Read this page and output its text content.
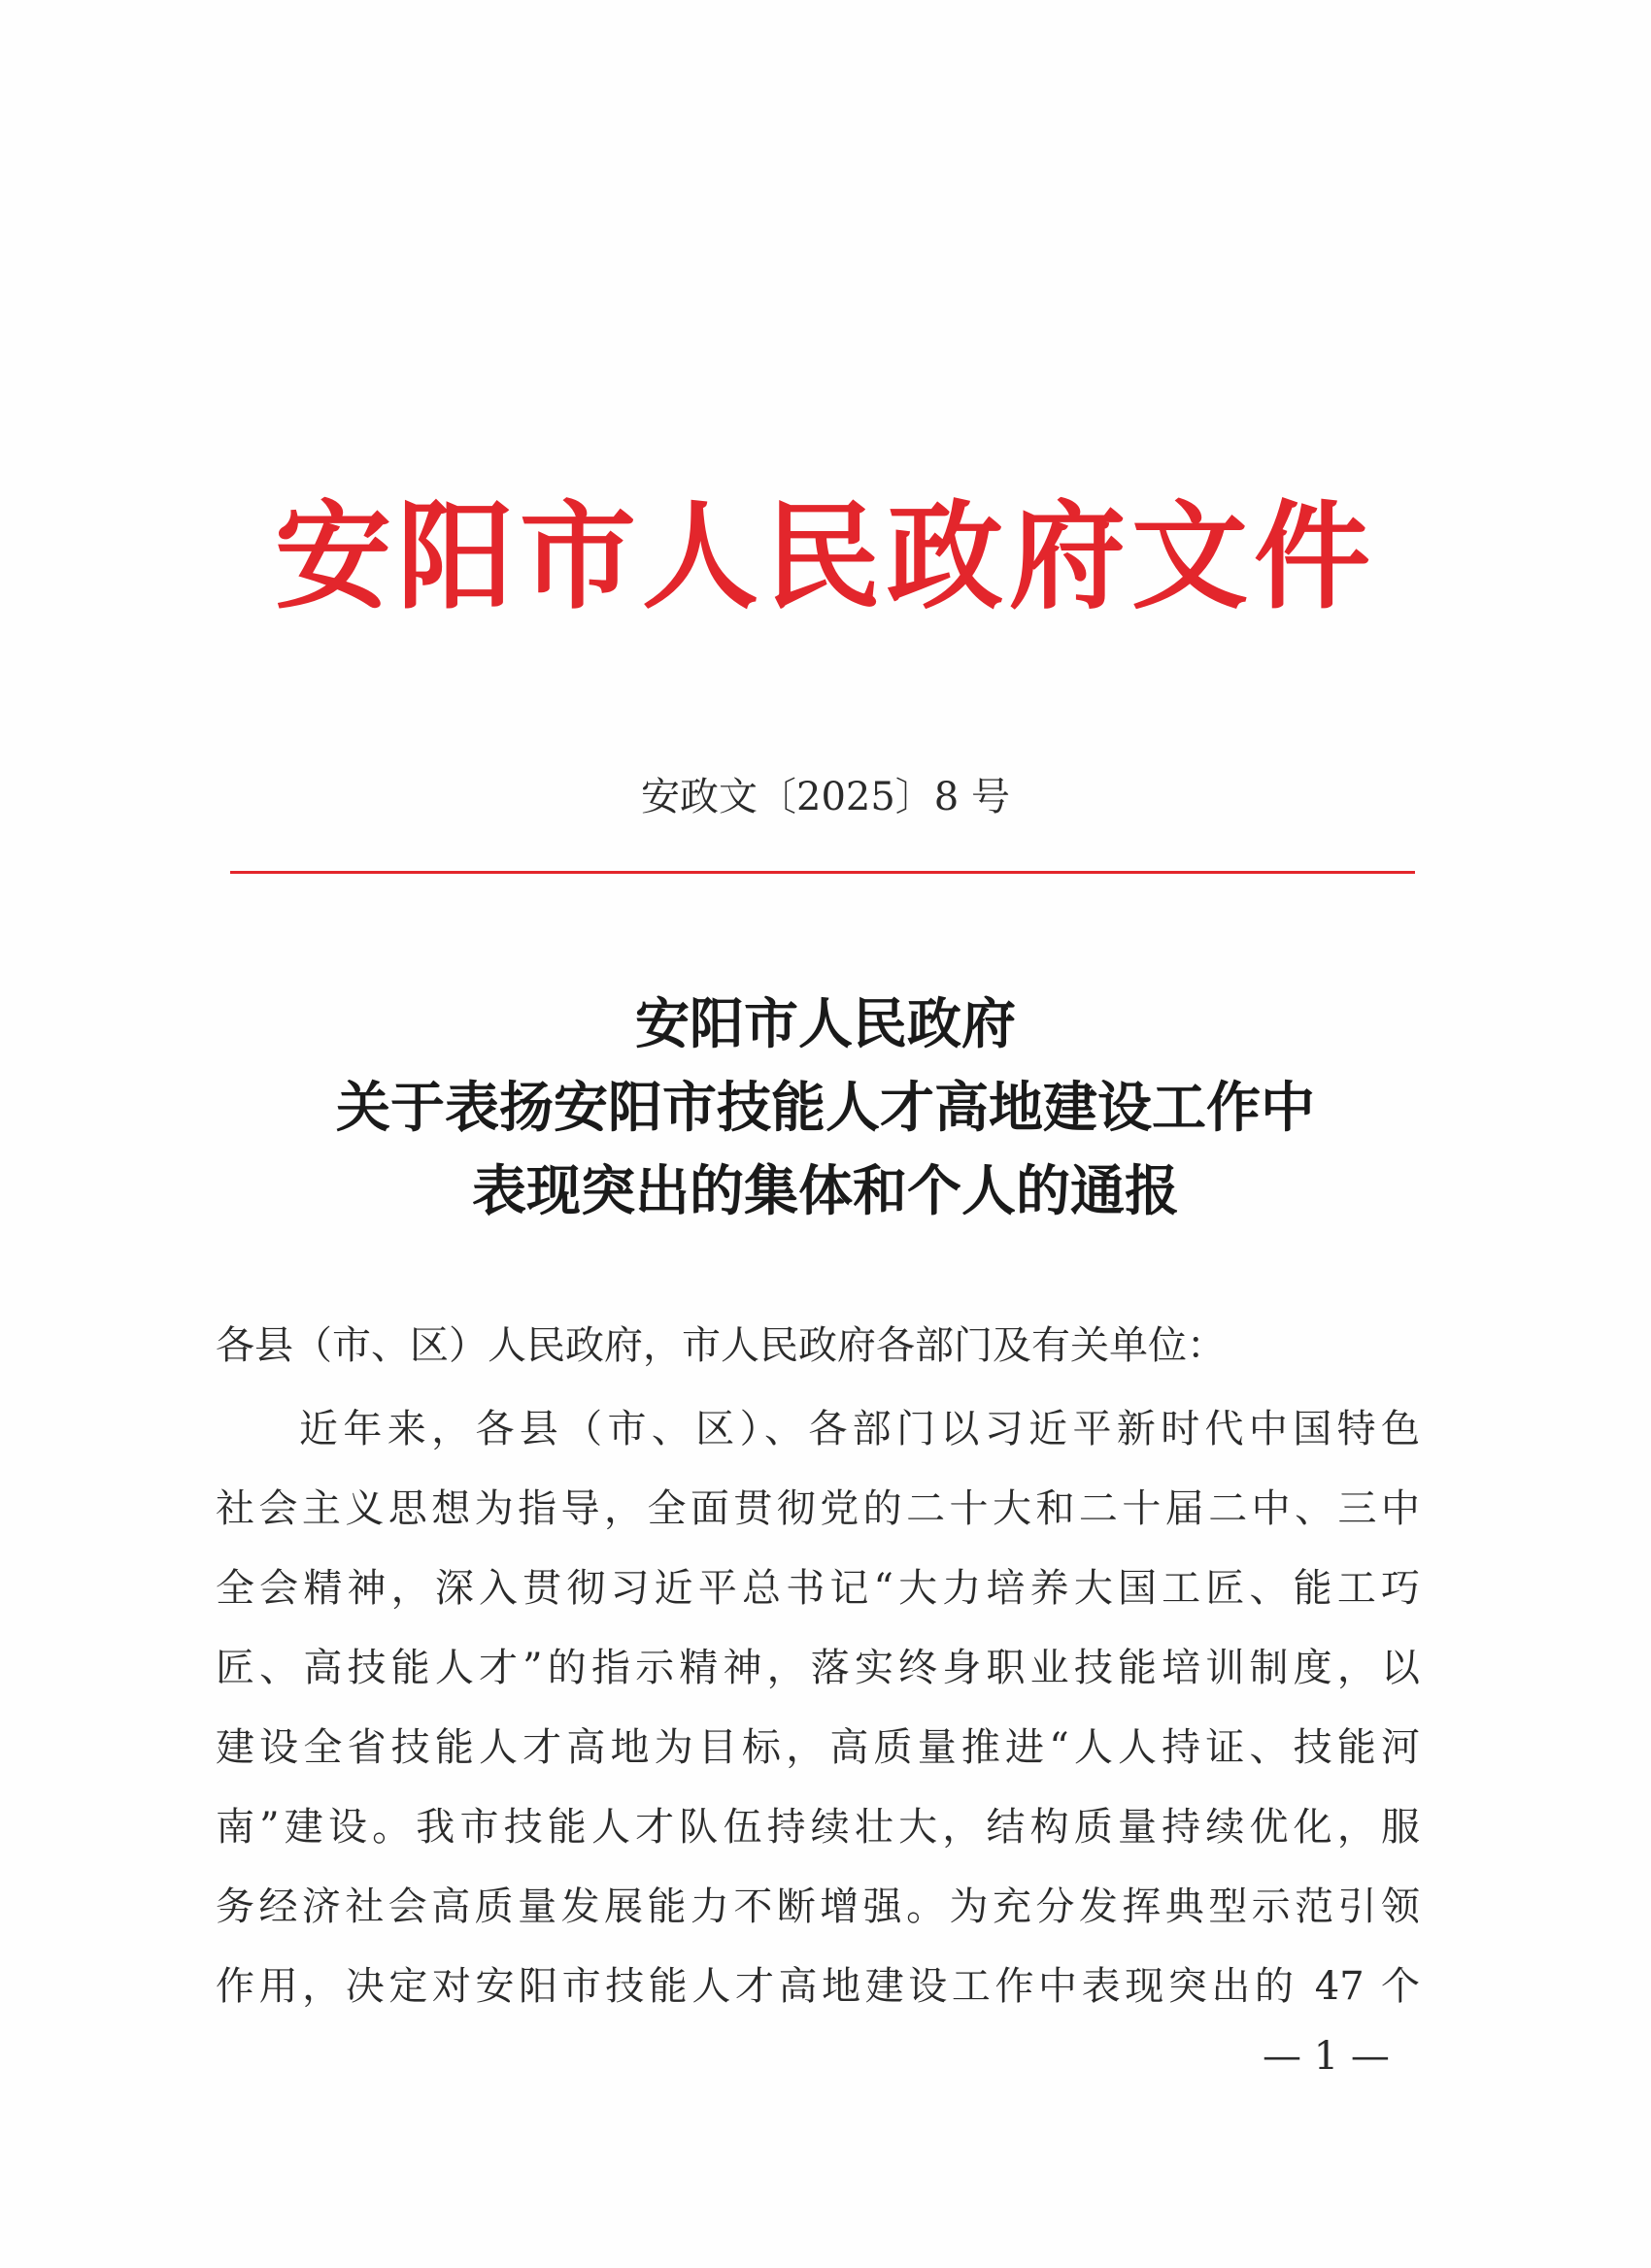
安阳市人民政府文件
安政文〔2025〕8 号
安阳市人民政府
关于表扬安阳市技能人才高地建设工作中
表现突出的集体和个人的通报
各县（市、区）人民政府，市人民政府各部门及有关单位：
近年来，各县（市、区）、各部门以习近平新时代中国特色
社会主义思想为指导，全面贯彻党的二十大和二十届二中、三中
全会精神，深入贯彻习近平总书记“大力培养大国工匠、能工巧
匠、高技能人才”的指示精神，落实终身职业技能培训制度，以
建设全省技能人才高地为目标，高质量推进“人人持证、技能河
南”建设。我市技能人才队伍持续壮大，结构质量持续优化，服
务经济社会高质量发展能力不断增强。为充分发挥典型示范引领
作用，决定对安阳市技能人才高地建设工作中表现突出的 47 个
— 1 —
